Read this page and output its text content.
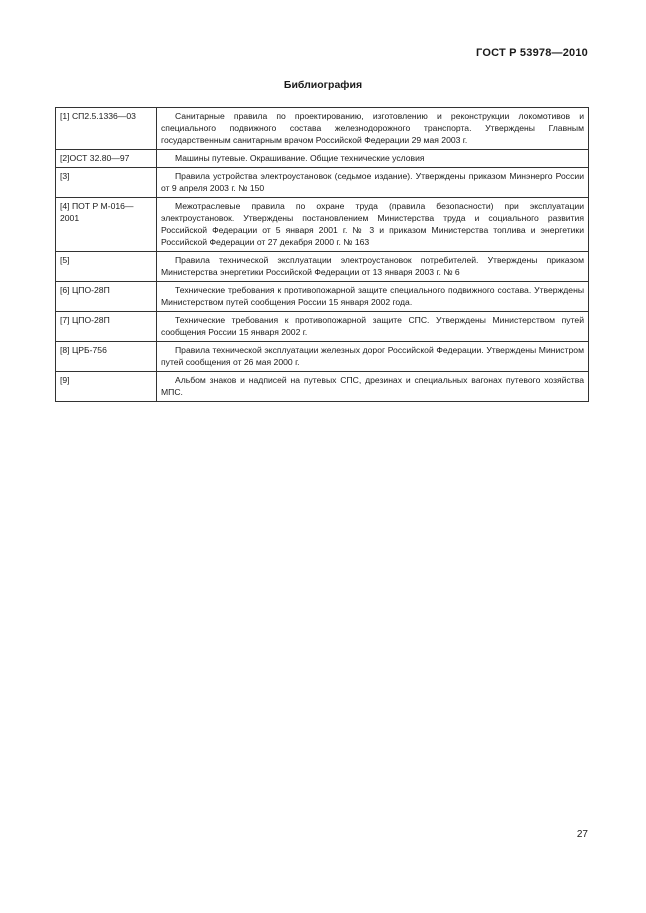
ГОСТ Р 53978—2010
Библиография
[1] СП2.5.1336—03	Санитарные правила по проектированию, изготовлению и реконструкции локомотивов и специального подвижного состава железнодорожного транспорта. Утверждены Главным государственным санитарным врачом Российской Федерации 29 мая 2003 г.
[2]ОСТ 32.80—97	Машины путевые. Окрашивание. Общие технические условия
[3]	Правила устройства электроустановок (седьмое издание). Утверждены приказом Минэнерго России от 9 апреля 2003 г. № 150
[4] ПОТ Р М-016—2001	Межотраслевые правила по охране труда (правила безопасности) при эксплуатации электроустановок. Утверждены постановлением Министерства труда и социального развития Российской Федерации от 5 января 2001 г. № 3 и приказом Министерства топлива и энергетики Российской Федерации от 27 декабря 2000 г. № 163
[5]	Правила технической эксплуатации электроустановок потребителей. Утверждены приказом Министерства энергетики Российской Федерации от 13 января 2003 г. № 6
[6] ЦПО-28П	Технические требования к противопожарной защите специального подвижного состава. Утверждены Министерством путей сообщения России 15 января 2002 года.
[7] ЦПО-28П	Технические требования к противопожарной защите СПС. Утверждены Министерством путей сообщения России 15 января 2002 г.
[8] ЦРБ-756	Правила технической эксплуатации железных дорог Российской Федерации. Утверждены Министром путей сообщения от 26 мая 2000 г.
[9]	Альбом знаков и надписей на путевых СПС, дрезинах и специальных вагонах путевого хозяйства МПС.
27
